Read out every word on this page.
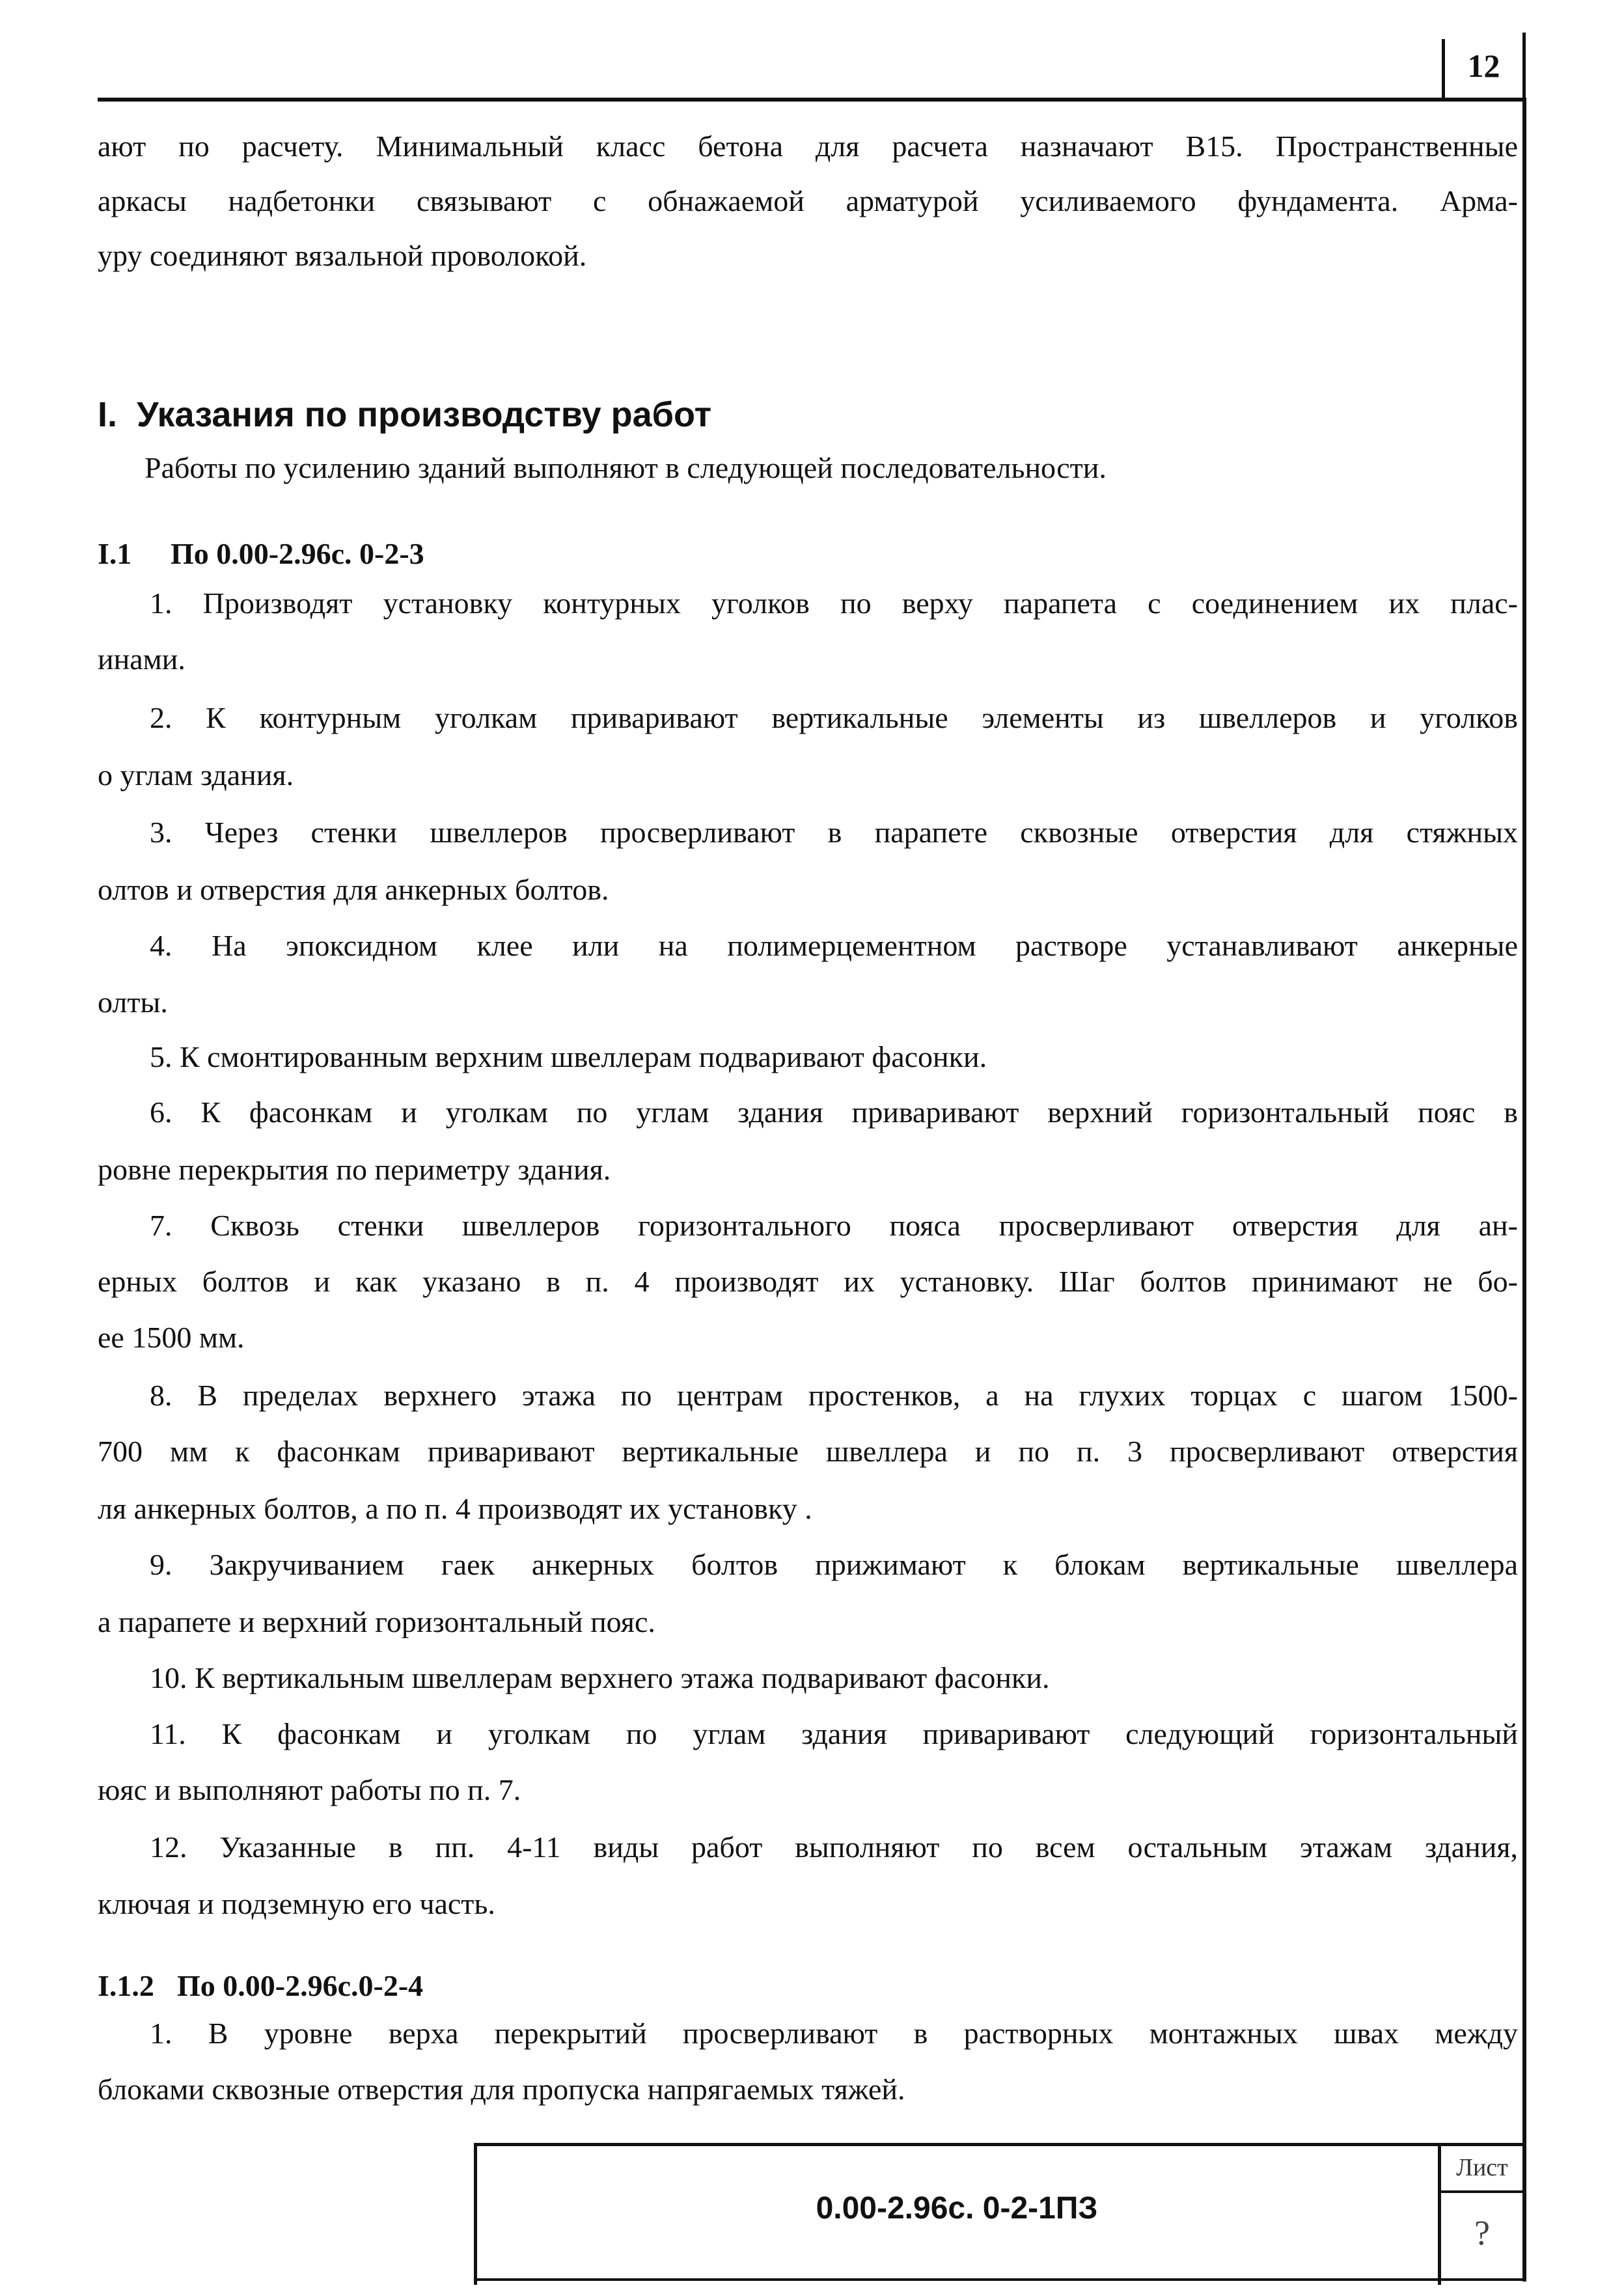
12
ают по расчету. Минимальный класс бетона для расчета назначают В15. Пространственные
аркасы надбетонки связывают с обнажаемой арматурой усиливаемого фундамента. Арма-
уру соединяют вязальной проволокой.
I. Указания по производству работ
Работы по усилению зданий выполняют в следующей последовательности.
I.1 По 0.00-2.96с. 0-2-3
1. Производят установку контурных уголков по верху парапета с соединением их плас-
инами.
2. К контурным уголкам приваривают вертикальные элементы из швеллеров и уголков
о углам здания.
3. Через стенки швеллеров просверливают в парапете сквозные отверстия для стяжных
олтов и отверстия для анкерных болтов.
4. На эпоксидном клее или на полимерцементном растворе устанавливают анкерные
олты.
5. К смонтированным верхним швеллерам подваривают фасонки.
6. К фасонкам и уголкам по углам здания приваривают верхний горизонтальный пояс в
ровне перекрытия по периметру здания.
7. Сквозь стенки швеллеров горизонтального пояса просверливают отверстия для ан-
ерных болтов и как указано в п. 4 производят их установку. Шаг болтов принимают не бо-
ее 1500 мм.
8. В пределах верхнего этажа по центрам простенков, а на глухих торцах с шагом 1500-
700 мм к фасонкам приваривают вертикальные швеллера и по п. 3 просверливают отверстия
ля анкерных болтов, а по п. 4 производят их установку .
9. Закручиванием гаек анкерных болтов прижимают к блокам вертикальные швеллера
а парапете и верхний горизонтальный пояс.
10. К вертикальным швеллерам верхнего этажа подваривают фасонки.
11. К фасонкам и уголкам по углам здания приваривают следующий горизонтальный
юяс и выполняют работы по п. 7.
12. Указанные в пп. 4-11 виды работ выполняют по всем остальным этажам здания,
ключая и подземную его часть.
I.1.2 По 0.00-2.96с.0-2-4
1. В уровне верха перекрытий просверливают в растворных монтажных швах между
блоками сквозные отверстия для пропуска напрягаемых тяжей.
0.00-2.96с. 0-2-1ПЗ
Лист
?
